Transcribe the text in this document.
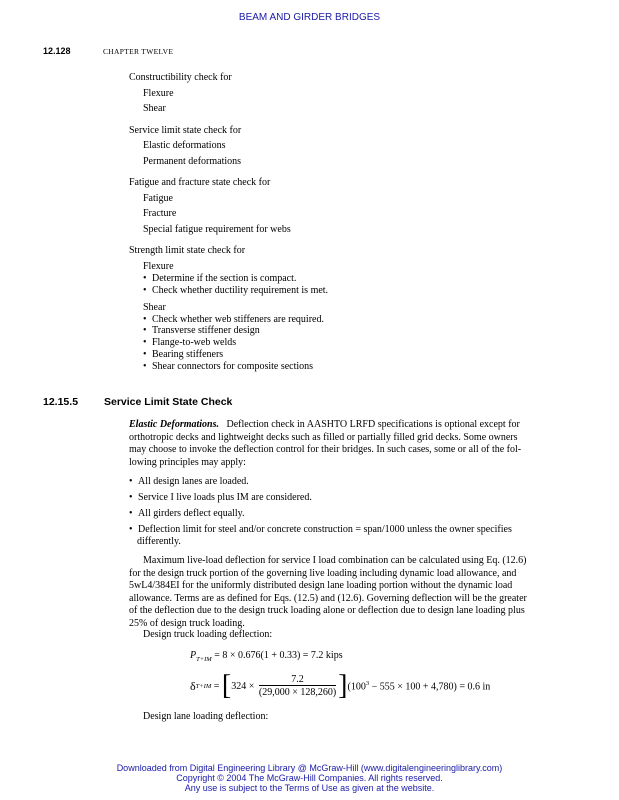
BEAM AND GIRDER BRIDGES
12.128	CHAPTER TWELVE
Constructibility check for
Flexure
Shear
Service limit state check for
Elastic deformations
Permanent deformations
Fatigue and fracture state check for
Fatigue
Fracture
Special fatigue requirement for webs
Strength limit state check for
Flexure
• Determine if the section is compact.
• Check whether ductility requirement is met.
Shear
• Check whether web stiffeners are required.
• Transverse stiffener design
• Flange-to-web welds
• Bearing stiffeners
• Shear connectors for composite sections
12.15.5 Service Limit State Check
Elastic Deformations. Deflection check in AASHTO LRFD specifications is optional except for
orthotropic decks and lightweight decks such as filled or partially filled grid decks. Some owners
may choose to invoke the deflection control for their bridges. In such cases, some or all of the fol-
lowing principles may apply:
• All design lanes are loaded.
• Service I live loads plus IM are considered.
• All girders deflect equally.
• Deflection limit for steel and/or concrete construction = span/1000 unless the owner specifies
differently.
Maximum live-load deflection for service I load combination can be calculated using Eq. (12.6)
for the design truck portion of the governing live loading including dynamic load allowance, and
5wL4/384EI for the uniformly distributed design lane loading portion without the dynamic load
allowance. Terms are as defined for Eqs. (12.5) and (12.6). Governing deflection will be the greater
of the deflection due to the design truck loading alone or deflection due to design lane loading plus
25% of design truck loading.
Design truck loading deflection:
$P_{T+IM} = 8 \times 0.676(1 + 0.33) = 7.2$ kips
δ T+IM = [ $324 \times \frac{7.2}{(29,000 \times 128,260)}$ ] $(100^3 - 555 \times 100 + 4,780) = 0.6$ in
Design lane loading deflection:
Downloaded from Digital Engineering Library @ McGraw-Hill (www.digitalengineeringlibrary.com)
Copyright © 2004 The McGraw-Hill Companies. All rights reserved.
Any use is subject to the Terms of Use as given at the website.
